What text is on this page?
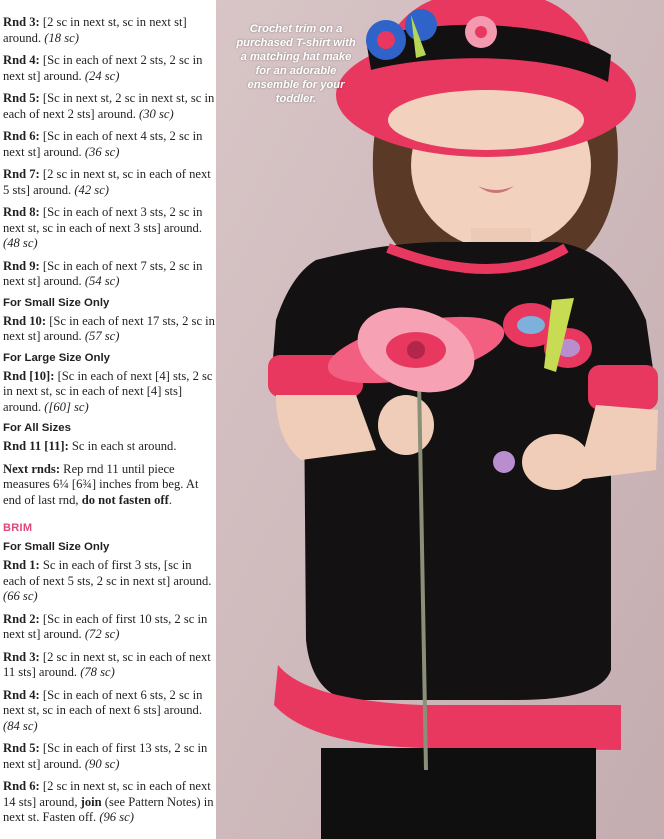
Rnd 3: [2 sc in next st, sc in next st] around. (18 sc)

Rnd 4: [Sc in each of next 2 sts, 2 sc in next st] around. (24 sc)

Rnd 5: [Sc in next st, 2 sc in next st, sc in each of next 2 sts] around. (30 sc)

Rnd 6: [Sc in each of next 4 sts, 2 sc in next st] around. (36 sc)

Rnd 7: [2 sc in next st, sc in each of next 5 sts] around. (42 sc)

Rnd 8: [Sc in each of next 3 sts, 2 sc in next st, sc in each of next 3 sts] around. (48 sc)

Rnd 9: [Sc in each of next 7 sts, 2 sc in next st] around. (54 sc)

For Small Size Only

Rnd 10: [Sc in each of next 17 sts, 2 sc in next st] around. (57 sc)

For Large Size Only

Rnd [10]: [Sc in each of next [4] sts, 2 sc in next st, sc in each of next [4] sts] around. ([60] sc)

For All Sizes

Rnd 11 [11]: Sc in each st around.

Next rnds: Rep rnd 11 until piece measures 6¼ [6¾] inches from beg. At end of last rnd, do not fasten off.

BRIM
For Small Size Only

Rnd 1: Sc in each of first 3 sts, [sc in each of next 5 sts, 2 sc in next st] around. (66 sc)

Rnd 2: [Sc in each of first 10 sts, 2 sc in next st] around. (72 sc)

Rnd 3: [2 sc in next st, sc in each of next 11 sts] around. (78 sc)

Rnd 4: [Sc in each of next 6 sts, 2 sc in next st, sc in each of next 6 sts] around. (84 sc)

Rnd 5: [Sc in each of first 13 sts, 2 sc in next st] around. (90 sc)

Rnd 6: [2 sc in next st, sc in each of next 14 sts] around, join (see Pattern Notes) in next st. Fasten off. (96 sc)

Crochet trim on a purchased T-shirt with a matching hat make for an adorable ensemble for your toddler.
